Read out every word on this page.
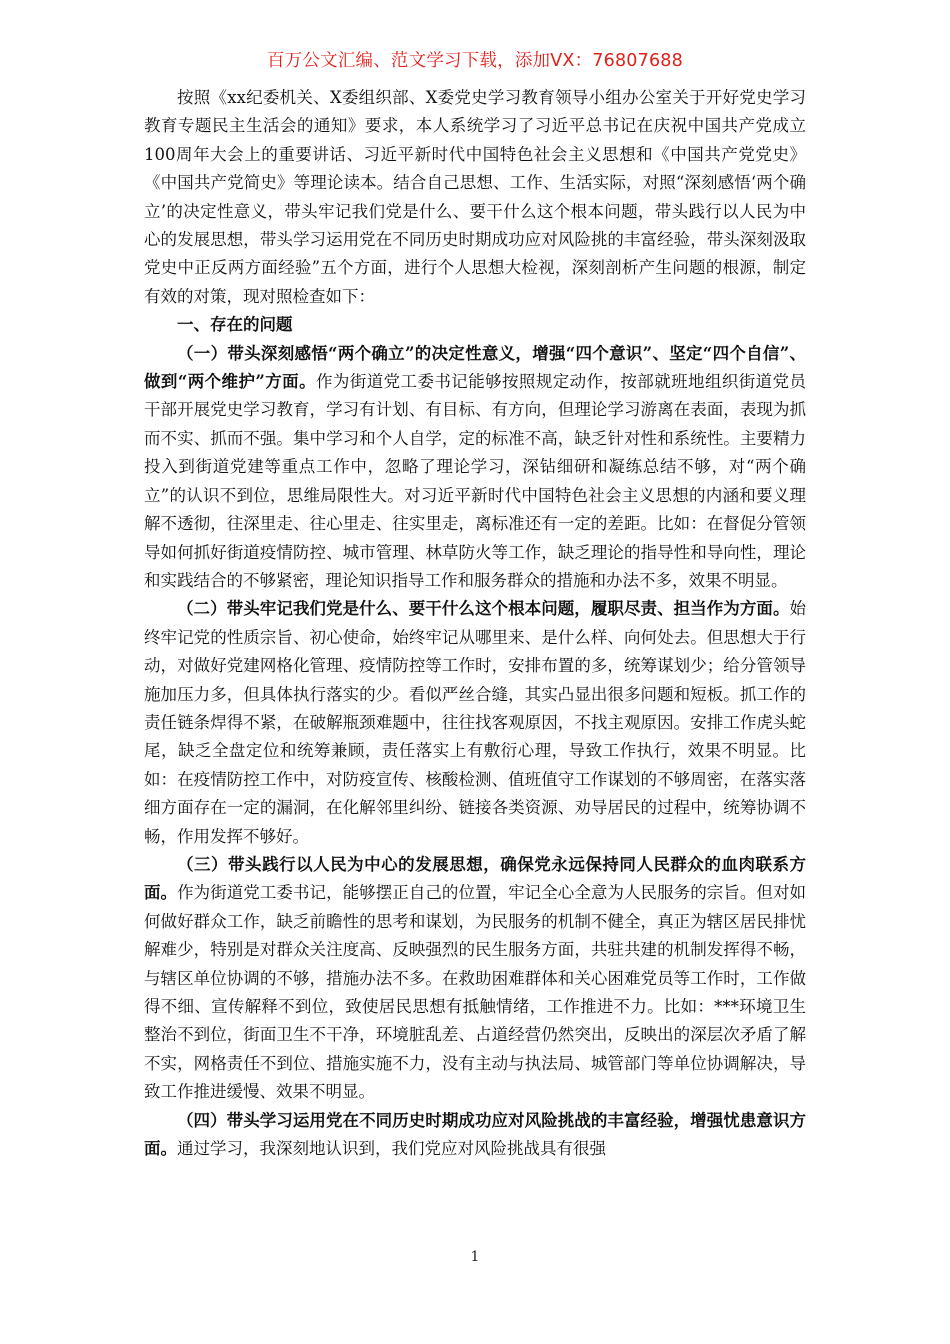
百万公文汇编、范文学习下载，添加VX：76807688

按照《xx纪委机关、X委组织部、X委党史学习教育领导小组办公室关于开好党史学习教育专题民主生活会的通知》要求，本人系统学习了习近平总书记在庆祝中国共产党成立100周年大会上的重要讲话、习近平新时代中国特色社会主义思想和《中国共产党党史》《中国共产党简史》等理论读本。结合自己思想、工作、生活实际，对照“深刻感悟‘两个确立’的决定性意义，带头牢记我们党是什么、要干什么这个根本问题，带头践行以人民为中心的发展思想，带头学习运用党在不同历史时期成功应对风险挑的丰富经验，带头深刻汲取党史中正反两方面经验”五个方面，进行个人思想大检视，深刻剖析产生问题的根源，制定有效的对策，现对照检查如下：

一、存在的问题

（一）带头深刻感悟“两个确立”的决定性意义，增强“四个意识”、坚定“四个自信”、做到“两个维护”方面。作为街道党工委书记能够按照规定动作，按部就班地组织街道党员干部开展党史学习教育，学习有计划、有目标、有方向，但理论学习游离在表面，表现为抓而不实、抓而不强。集中学习和个人自学，定的标准不高，缺乏针对性和系统性。主要精力投入到街道党建等重点工作中，忽略了理论学习，深钻细研和凝练总结不够，对“两个确立”的认识不到位，思维局限性大。对习近平新时代中国特色社会主义思想的内涵和要义理解不透彻，往深里走、往心里走、往实里走，离标准还有一定的差距。比如：在督促分管领导如何抓好街道疫情防控、城市管理、林草防火等工作，缺乏理论的指导性和导向性，理论和实践结合的不够紧密，理论知识指导工作和服务群众的措施和办法不多，效果不明显。

（二）带头牢记我们党是什么、要干什么这个根本问题，履职尽责、担当作为方面。始终牢记党的性质宗旨、初心使命，始终牢记从哪里来、是什么样、向何处去。但思想大于行动，对做好党建网格化管理、疫情防控等工作时，安排布置的多，统筹谋划少；给分管领导施加压力多，但具体执行落实的少。看似严丝合缝，其实凸显出很多问题和短板。抓工作的责任链条焊得不紧，在破解瓶颈难题中，往往找客观原因，不找主观原因。安排工作虎头蛇尾，缺乏全盘定位和统筹兼顾，责任落实上有敷衍心理，导致工作执行，效果不明显。比如：在疫情防控工作中，对防疫宣传、核酸检测、值班值守工作谋划的不够周密，在落实落细方面存在一定的漏洞，在化解邻里纠纷、链接各类资源、劝导居民的过程中，统筹协调不畅，作用发挥不够好。

（三）带头践行以人民为中心的发展思想，确保党永远保持同人民群众的血肉联系方面。作为街道党工委书记，能够摆正自己的位置，牢记全心全意为人民服务的宗旨。但对如何做好群众工作，缺乏前瞻性的思考和谋划，为民服务的机制不健全，真正为辖区居民排忧解难少，特别是对群众关注度高、反映强烈的民生服务方面，共驻共建的机制发挥得不畅，与辖区单位协调的不够，措施办法不多。在救助困难群体和关心困难党员等工作时，工作做得不细、宣传解释不到位，致使居民思想有抵触情绪，工作推进不力。比如：***环境卫生整治不到位，街面卫生不干净，环境脏乱差、占道经营仍然突出，反映出的深层次矛盾了解不实，网格责任不到位、措施实施不力，没有主动与执法局、城管部门等单位协调解决，导致工作推进缓慢、效果不明显。

（四）带头学习运用党在不同历史时期成功应对风险挑战的丰富经验，增强忧患意识方面。通过学习，我深刻地认识到，我们党应对风险挑战具有很强

1
